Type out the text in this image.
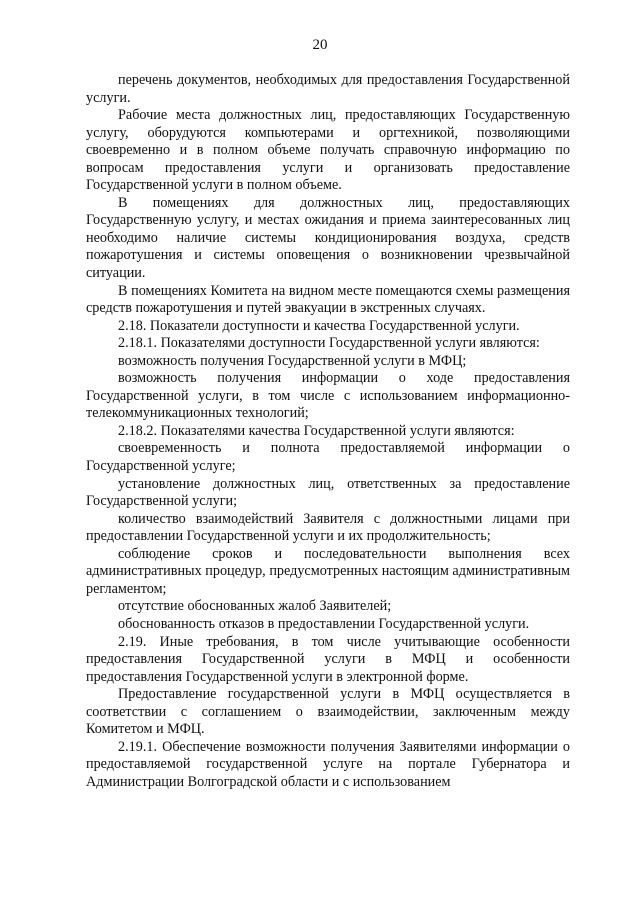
20

перечень документов, необходимых для предоставления Государственной услуги.

Рабочие места должностных лиц, предоставляющих Государственную услугу, оборудуются компьютерами и оргтехникой, позволяющими своевременно и в полном объеме получать справочную информацию по вопросам предоставления услуги и организовать предоставление Государственной услуги в полном объеме.

В помещениях для должностных лиц, предоставляющих Государственную услугу, и местах ожидания и приема заинтересованных лиц необходимо наличие системы кондиционирования воздуха, средств пожаротушения и системы оповещения о возникновении чрезвычайной ситуации.

В помещениях Комитета на видном месте помещаются схемы размещения средств пожаротушения и путей эвакуации в экстренных случаях.

2.18. Показатели доступности и качества Государственной услуги.

2.18.1. Показателями доступности Государственной услуги являются:

возможность получения Государственной услуги в МФЦ;

возможность получения информации о ходе предоставления Государственной услуги, в том числе с использованием информационно-телекоммуникационных технологий;

2.18.2. Показателями качества Государственной услуги являются:

своевременность и полнота предоставляемой информации о Государственной услуге;

установление должностных лиц, ответственных за предоставление Государственной услуги;

количество взаимодействий Заявителя с должностными лицами при предоставлении Государственной услуги и их продолжительность;

соблюдение сроков и последовательности выполнения всех административных процедур, предусмотренных настоящим административным регламентом;

отсутствие обоснованных жалоб Заявителей;

обоснованность отказов в предоставлении Государственной услуги.

2.19. Иные требования, в том числе учитывающие особенности предоставления Государственной услуги в МФЦ и особенности предоставления Государственной услуги в электронной форме.

Предоставление государственной услуги в МФЦ осуществляется в соответствии с соглашением о взаимодействии, заключенным между Комитетом и МФЦ.

2.19.1. Обеспечение возможности получения Заявителями информации о предоставляемой государственной услуге на портале Губернатора и Администрации Волгоградской области и с использованием
